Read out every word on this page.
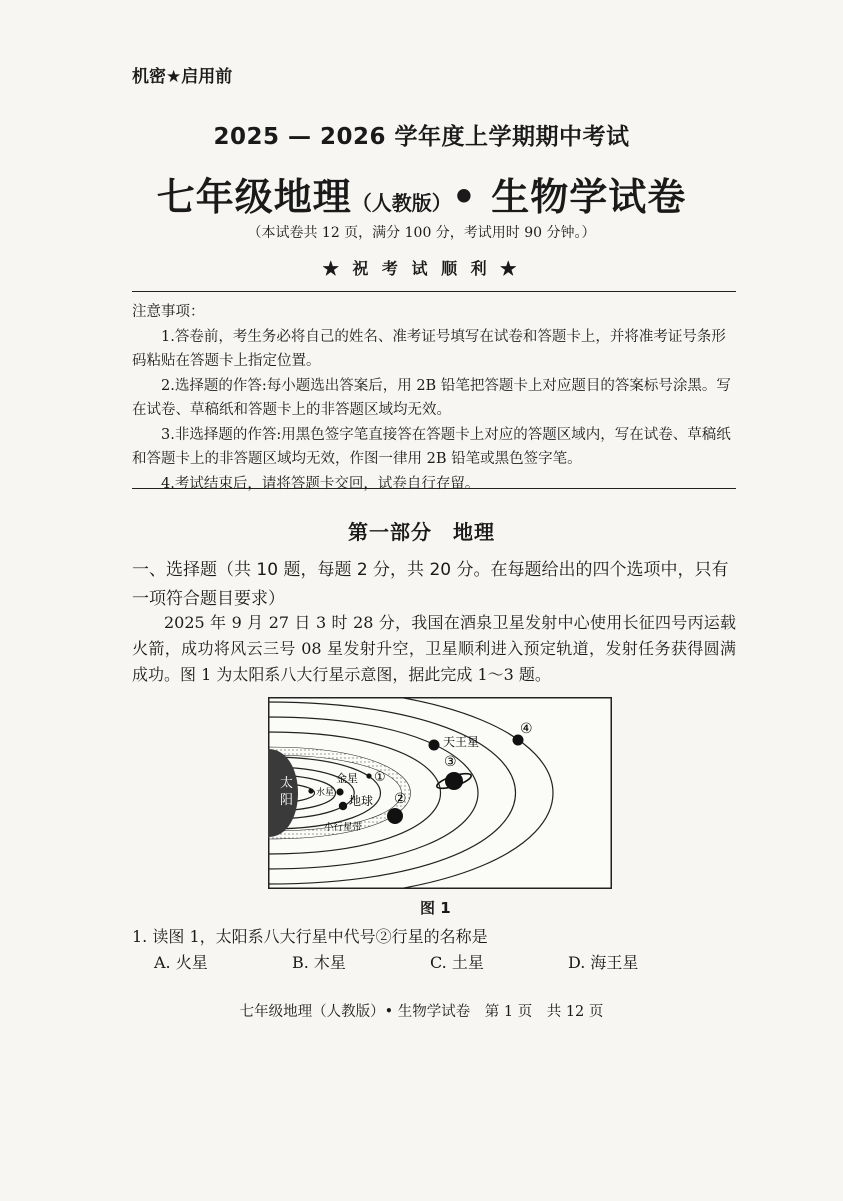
机密★启用前
2025 — 2026 学年度上学期期中考试
七年级地理（人教版）• 生物学试卷
（本试卷共 12 页，满分 100 分，考试用时 90 分钟。）
★ 祝 考 试 顺 利 ★

注意事项：

1.答卷前，考生务必将自己的姓名、准考证号填写在试卷和答题卡上，并将准考证号条形码粘贴在答题卡上指定位置。

2.选择题的作答:每小题选出答案后，用 2B 铅笔把答题卡上对应题目的答案标号涂黑。写在试卷、草稿纸和答题卡上的非答题区域均无效。

3.非选择题的作答:用黑色签字笔直接答在答题卡上对应的答题区域内，写在试卷、草稿纸和答题卡上的非答题区域均无效，作图一律用 2B 铅笔或黑色签字笔。

4.考试结束后，请将答题卡交回，试卷自行存留。

第一部分　地理
一、选择题（共 10 题，每题 2 分，共 20 分。在每题给出的四个选项中，只有一项符合题目要求）
2025 年 9 月 27 日 3 时 28 分，我国在酒泉卫星发射中心使用长征四号丙运载火箭，成功将风云三号 08 星发射升空，卫星顺利进入预定轨道，发射任务获得圆满成功。图 1 为太阳系八大行星示意图，据此完成 1～3 题。
太
阳	水星
金星 ①
地球 ②
小行星带
③
天王星
④
图 1
1. 读图 1，太阳系八大行星中代号②行星的名称是
A. 火星	B. 木星	C. 土星	D. 海王星
七年级地理（人教版）• 生物学试卷　第 1 页　共 12 页
